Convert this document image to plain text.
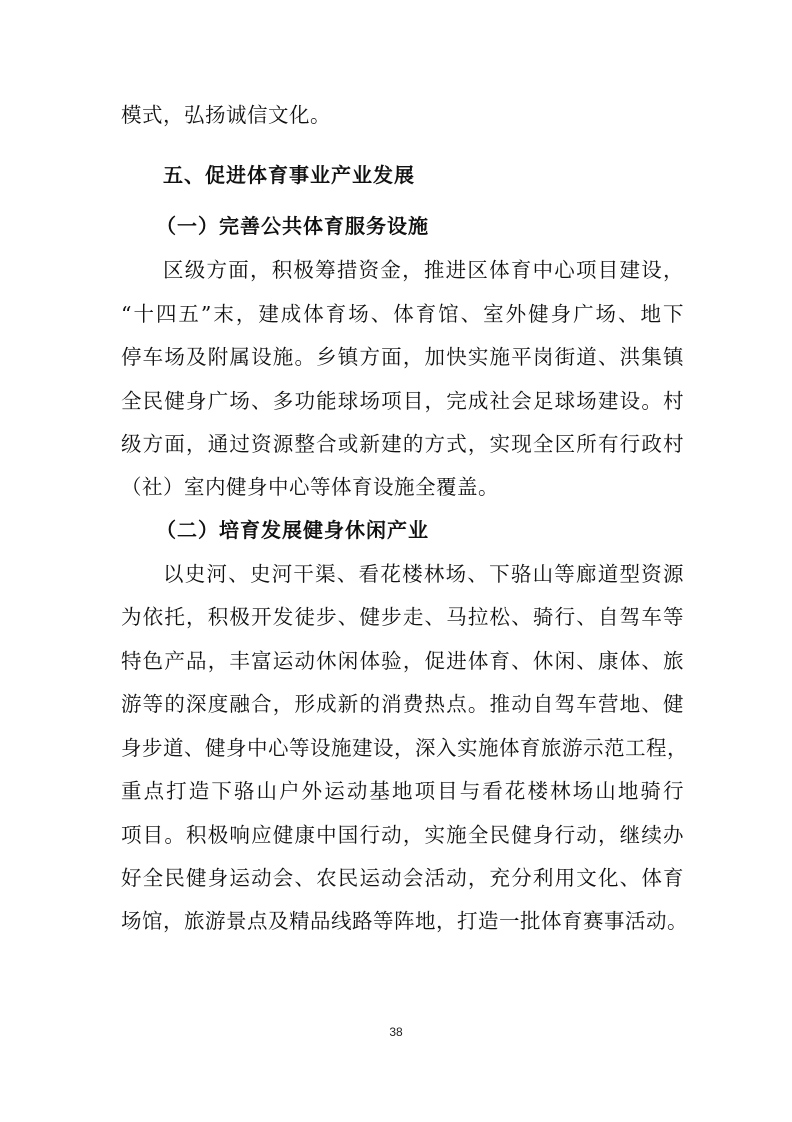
模式，弘扬诚信文化。
五、促进体育事业产业发展
（一）完善公共体育服务设施
区级方面，积极筹措资金，推进区体育中心项目建设，
“十四五”末，建成体育场、体育馆、室外健身广场、地下
停车场及附属设施。乡镇方面，加快实施平岗街道、洪集镇
全民健身广场、多功能球场项目，完成社会足球场建设。村
级方面，通过资源整合或新建的方式，实现全区所有行政村
（社）室内健身中心等体育设施全覆盖。
（二）培育发展健身休闲产业
以史河、史河干渠、看花楼林场、下骆山等廊道型资源
为依托，积极开发徒步、健步走、马拉松、骑行、自驾车等
特色产品，丰富运动休闲体验，促进体育、休闲、康体、旅
游等的深度融合，形成新的消费热点。推动自驾车营地、健
身步道、健身中心等设施建设，深入实施体育旅游示范工程，
重点打造下骆山户外运动基地项目与看花楼林场山地骑行
项目。积极响应健康中国行动，实施全民健身行动，继续办
好全民健身运动会、农民运动会活动，充分利用文化、体育
场馆，旅游景点及精品线路等阵地，打造一批体育赛事活动。
38
